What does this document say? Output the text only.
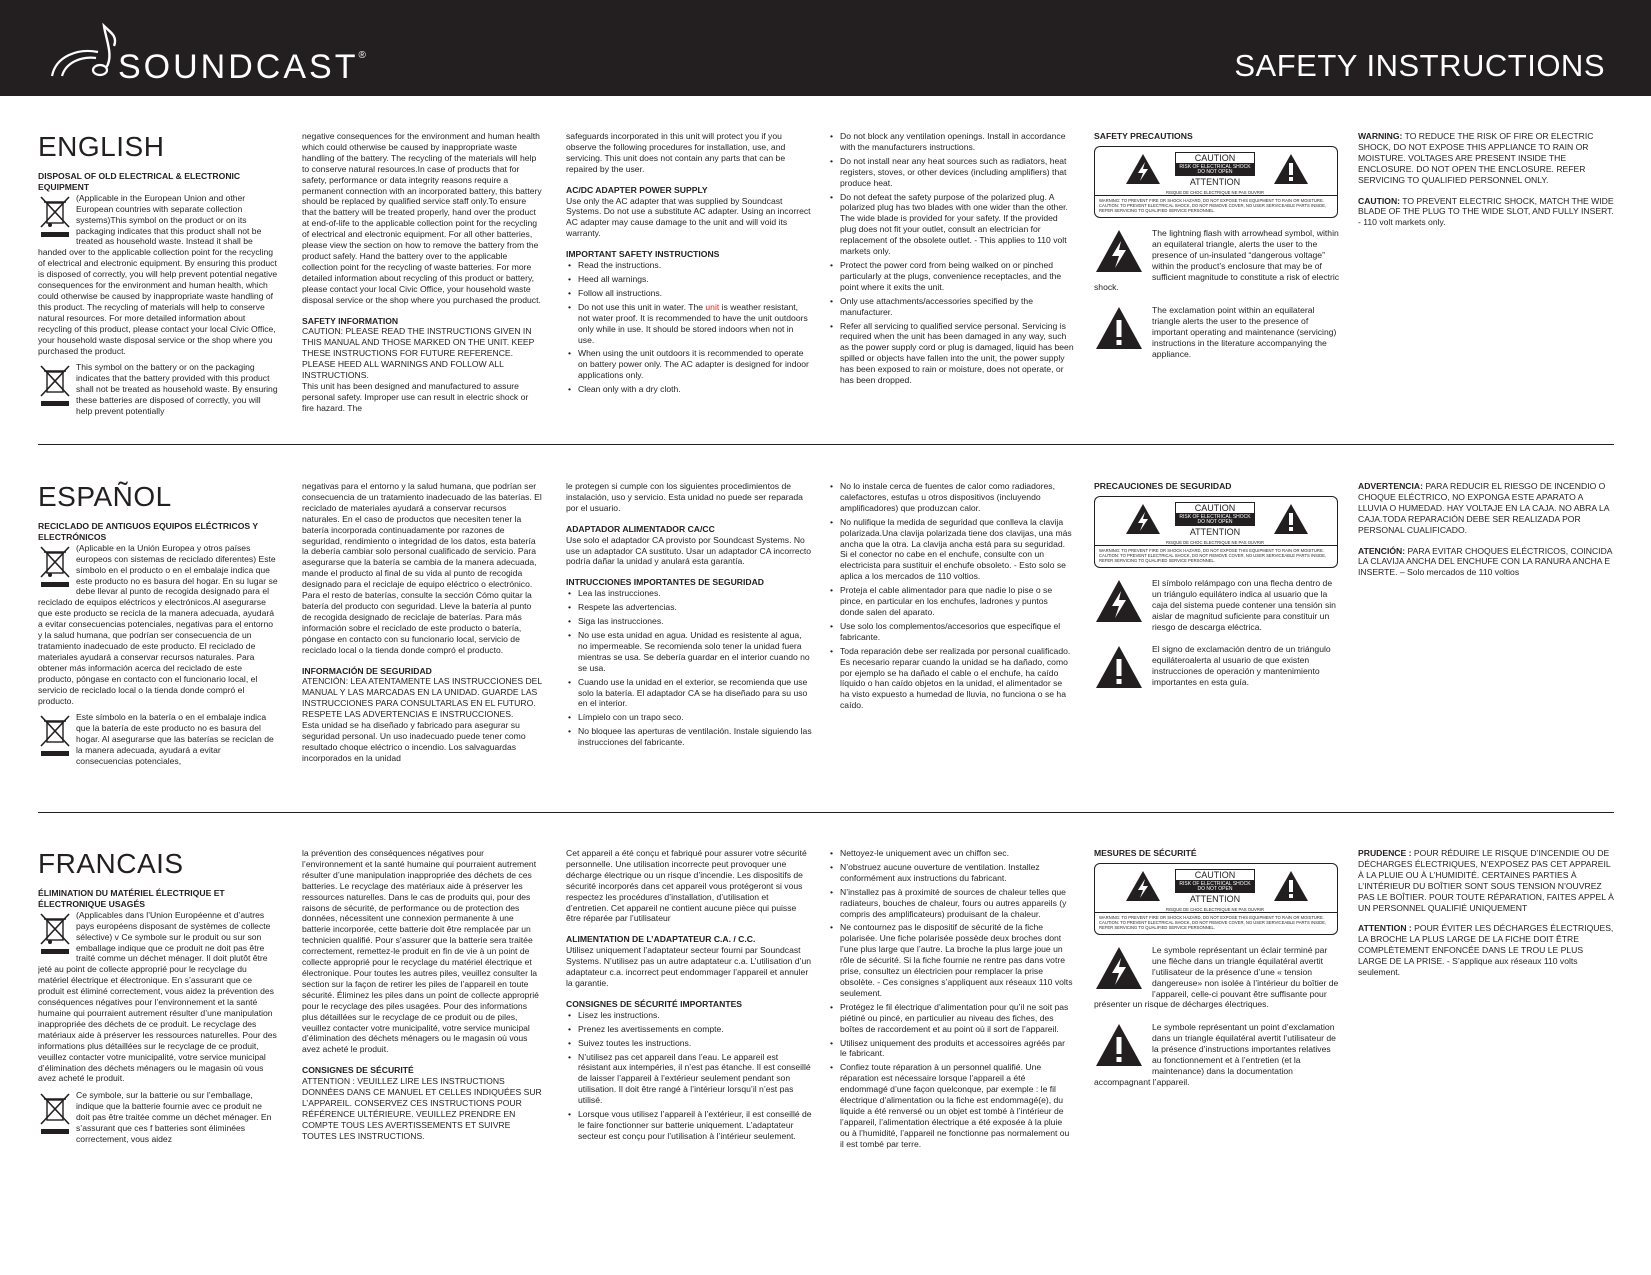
SOUNDCAST®	SAFETY INSTRUCTIONS
ENGLISH
DISPOSAL OF OLD ELECTRICAL & ELECTRONIC EQUIPMENT
(Applicable in the European Union and other European countries with separate collection systems)This symbol on the product or on its packaging indicates that this product shall not be treated as household waste. Instead it shall be handed over to the applicable collection point for the recycling of electrical and electronic equipment. By ensuring this product is disposed of correctly, you will help prevent potential negative consequences for the environment and human health, which could otherwise be caused by inappropriate waste handling of this product. The recycling of materials will help to conserve natural resources. For more detailed information about recycling of this product, please contact your local Civic Office, your household waste disposal service or the shop where you purchased the product.
This symbol on the battery or on the packaging indicates that the battery provided with this product shall not be treated as household waste. By ensuring these batteries are disposed of correctly, you will help prevent potentially
negative consequences for the environment and human health which could otherwise be caused by inappropriate waste handling of the battery. The recycling of the materials will help to conserve natural resources.In case of products that for safety, performance or data integrity reasons require a permanent connection with an incorporated battery, this battery should be replaced by qualified service staff only.To ensure that the battery will be treated properly, hand over the product at end-of-life to the applicable collection point for the recycling of electrical and electronic equipment. For all other batteries, please view the section on how to remove the battery from the product safely. Hand the battery over to the applicable collection point for the recycling of waste batteries. For more detailed information about recycling of this product or battery, please contact your local Civic Office, your household waste disposal service or the shop where you purchased the product.
SAFETY INFORMATION
CAUTION: PLEASE READ THE INSTRUCTIONS GIVEN IN THIS MANUAL AND THOSE MARKED ON THE UNIT. KEEP THESE INSTRUCTIONS FOR FUTURE REFERENCE. PLEASE HEED ALL WARNINGS AND FOLLOW ALL INSTRUCTIONS.
This unit has been designed and manufactured to assure personal safety. Improper use can result in electric shock or fire hazard. The
safeguards incorporated in this unit will protect you if you observe the following procedures for installation, use, and servicing. This unit does not contain any parts that can be repaired by the user.
AC/DC ADAPTER POWER SUPPLY
Use only the AC adapter that was supplied by Soundcast Systems. Do not use a substitute AC adapter. Using an incorrect AC adapter may cause damage to the unit and will void its warranty.
IMPORTANT SAFETY INSTRUCTIONS
• Read the instructions.
• Heed all warnings.
• Follow all instructions.
• Do not use this unit in water. The unit is weather resistant, not water proof. It is recommended to have the unit outdoors only while in use. It should be stored indoors when not in use.
• When using the unit outdoors it is recommended to operate on battery power only. The AC adapter is designed for indoor applications only.
• Clean only with a dry cloth.
• Do not block any ventilation openings. Install in accordance with the manufacturers instructions.
• Do not install near any heat sources such as radiators, heat registers, stoves, or other devices (including amplifiers) that produce heat.
• Do not defeat the safety purpose of the polarized plug. A polarized plug has two blades with one wider than the other. The wide blade is provided for your safety. If the provided plug does not fit your outlet, consult an electrician for replacement of the obsolete outlet. - This applies to 110 volt markets only.
• Protect the power cord from being walked on or pinched particularly at the plugs, convenience receptacles, and the point where it exits the unit.
• Only use attachments/accessories specified by the manufacturer.
• Refer all servicing to qualified service personal. Servicing is required when the unit has been damaged in any way, such as the power supply cord or plug is damaged, liquid has been spilled or objects have fallen into the unit, the power supply has been exposed to rain or moisture, does not operate, or has been dropped.
SAFETY PRECAUTIONS
CAUTION
RISK OF ELECTRICAL SHOCK DO NOT OPEN
ATTENTION
RISQUE DE CHOC ELECTRIQUE NE PAS OUVRIR
WARNING: TO PREVENT FIRE OR SHOCK HAZARD, DO NOT EXPOSE THIS EQUIPMENT TO RAIN OR MOISTURE.
CAUTION: TO PREVENT ELECTRICAL SHOCK, DO NOT REMOVE COVER, NO USER SERVICEABLE PARTS INSIDE, REFER SERVICING TO QUALIFIED SERVICE PERSONNEL.
The lightning flash with arrowhead symbol, within an equilateral triangle, alerts the user to the presence of un-insulated “dangerous voltage” within the product’s enclosure that may be of sufficient magnitude to constitute a risk of electric shock.
The exclamation point within an equilateral triangle alerts the user to the presence of important operating and maintenance (servicing) instructions in the literature accompanying the appliance.
WARNING: TO REDUCE THE RISK OF FIRE OR ELECTRIC SHOCK, DO NOT EXPOSE THIS APPLIANCE TO RAIN OR MOISTURE. VOLTAGES ARE PRESENT INSIDE THE ENCLOSURE. DO NOT OPEN THE ENCLOSURE. REFER SERVICING TO QUALIFIED PERSONNEL ONLY.
CAUTION: TO PREVENT ELECTRIC SHOCK, MATCH THE WIDE BLADE OF THE PLUG TO THE WIDE SLOT, AND FULLY INSERT. - 110 volt markets only.
ESPAÑOL
RECICLADO DE ANTIGUOS EQUIPOS ELÉCTRICOS Y ELECTRÓNICOS
(Aplicable en la Unión Europea y otros países europeos con sistemas de reciclado diferentes) Este símbolo en el producto o en el embalaje indica que este producto no es basura del hogar. En su lugar se debe llevar al punto de recogida designado para el reciclado de equipos eléctricos y electrónicos.Al asegurarse que este producto se recicla de la manera adecuada, ayudará a evitar consecuencias potenciales, negativas para el entorno y la salud humana, que podrían ser consecuencia de un tratamiento inadecuado de este producto. El reciclado de materiales ayudará a conservar recursos naturales. Para obtener más información acerca del reciclado de este producto, póngase en contacto con el funcionario local, el servicio de reciclado local o la tienda donde compró el producto.
Este símbolo en la batería o en el embalaje indica que la batería de este producto no es basura del hogar. Al asegurarse que las baterías se reciclan de la manera adecuada, ayudará a evitar consecuencias potenciales,
negativas para el entorno y la salud humana, que podrían ser consecuencia de un tratamiento inadecuado de las baterías. El reciclado de materiales ayudará a conservar recursos naturales. En el caso de productos que necesiten tener la batería incorporada continuadamente por razones de seguridad, rendimiento o integridad de los datos, esta batería la debería cambiar solo personal cualificado de servicio. Para asegurarse que la batería se cambia de la manera adecuada, mande el producto al final de su vida al punto de recogida designado para el reciclaje de equipo eléctrico o electrónico. Para el resto de baterías, consulte la sección Cómo quitar la batería del producto con seguridad. Lleve la batería al punto de recogida designado de reciclaje de baterías. Para más información sobre el reciclado de este producto o batería, póngase en contacto con su funcionario local, servicio de reciclado local o la tienda donde compró el producto.
INFORMACIÓN DE SEGURIDAD
ATENCIÓN: LEA ATENTAMENTE LAS INSTRUCCIONES DEL MANUAL Y LAS MARCADAS EN LA UNIDAD. GUARDE LAS INSTRUCCIONES PARA CONSULTARLAS EN EL FUTURO. RESPETE LAS ADVERTENCIAS E INSTRUCCIONES.
Esta unidad se ha diseñado y fabricado para asegurar su seguridad personal. Un uso inadecuado puede tener como resultado choque eléctrico o incendio. Los salvaguardas incorporados en la unidad
le protegen si cumple con los siguientes procedimientos de instalación, uso y servicio. Esta unidad no puede ser reparada por el usuario.
ADAPTADOR ALIMENTADOR CA/CC
Use solo el adaptador CA provisto por Soundcast Systems. No use un adaptador CA sustituto. Usar un adaptador CA incorrecto podría dañar la unidad y anulará esta garantía.
INTRUCCIONES IMPORTANTES DE SEGURIDAD
• Lea las instrucciones.
• Respete las advertencias.
• Siga las instrucciones.
• No use esta unidad en agua. Unidad es resistente al agua, no impermeable. Se recomienda solo tener la unidad fuera mientras se usa. Se debería guardar en el interior cuando no se usa.
• Cuando use la unidad en el exterior, se recomienda que use solo la batería. El adaptador CA se ha diseñado para su uso en el interior.
• Límpielo con un trapo seco.
• No bloquee las aperturas de ventilación. Instale siguiendo las instrucciones del fabricante.
• No lo instale cerca de fuentes de calor como radiadores, calefactores, estufas u otros dispositivos (incluyendo amplificadores) que produzcan calor.
• No nulifique la medida de seguridad que conlleva la clavija polarizada.Una clavija polarizada tiene dos clavijas, una más ancha que la otra. La clavija ancha está para su seguridad. Si el conector no cabe en el enchufe, consulte con un electricista para sustituir el enchufe obsoleto. - Esto solo se aplica a los mercados de 110 voltios.
• Proteja el cable alimentador para que nadie lo pise o se pince, en particular en los enchufes, ladrones y puntos donde salen del aparato.
• Use solo los complementos/accesorios que especifique el fabricante.
• Toda reparación debe ser realizada por personal cualificado. Es necesario reparar cuando la unidad se ha dañado, como por ejemplo se ha dañado el cable o el enchufe, ha caído líquido o han caído objetos en la unidad, el alimentador se ha visto expuesto a humedad de lluvia, no funciona o se ha caído.
PRECAUCIONES DE SEGURIDAD
CAUTION
RISK OF ELECTRICAL SHOCK DO NOT OPEN
ATTENTION
RISQUE DE CHOC ELECTRIQUE NE PAS OUVRIR
WARNING: TO PREVENT FIRE OR SHOCK HAZARD, DO NOT EXPOSE THIS EQUIPMENT TO RAIN OR MOISTURE.
CAUTION: TO PREVENT ELECTRICAL SHOCK, DO NOT REMOVE COVER, NO USER SERVICEABLE PARTS INSIDE, REFER SERVICING TO QUALIFIED SERVICE PERSONNEL.
El símbolo relámpago con una flecha dentro de un triángulo equilátero indica al usuario que la caja del sistema puede contener una tensión sin aislar de magnitud suficiente para constituir un riesgo de descarga eléctrica.
El signo de exclamación dentro de un triángulo equiláteroalerta al usuario de que existen instrucciones de operación y mantenimiento importantes en esta guía.
ADVERTENCIA: PARA REDUCIR EL RIESGO DE INCENDIO O CHOQUE ELÉCTRICO, NO EXPONGA ESTE APARATO A LLUVIA O HUMEDAD. HAY VOLTAJE EN LA CAJA. NO ABRA LA CAJA.TODA REPARACIÓN DEBE SER REALIZADA POR PERSONAL CUALIFICADO.
ATENCIÓN: PARA EVITAR CHOQUES ELÉCTRICOS, COINCIDA LA CLAVIJA ANCHA DEL ENCHUFE CON LA RANURA ANCHA E INSERTE. – Solo mercados de 110 voltios
FRANCAIS
ÉLIMINATION DU MATÉRIEL ÉLECTRIQUE ET ÉLECTRONIQUE USAGÉS
(Applicables dans l’Union Européenne et d’autres pays européens disposant de systèmes de collecte sélective) v Ce symbole sur le produit ou sur son emballage indique que ce produit ne doit pas être traité comme un déchet ménager. Il doit plutôt être jeté au point de collecte approprié pour le recyclage du matériel électrique et électronique. En s’assurant que ce produit est éliminé correctement, vous aidez la prévention des conséquences négatives pour l’environnement et la santé humaine qui pourraient autrement résulter d’une manipulation inappropriée des déchets de ce produit. Le recyclage des matériaux aide à préserver les ressources naturelles. Pour des informations plus détaillées sur le recyclage de ce produit, veuillez contacter votre municipalité, votre service municipal d’élimination des déchets ménagers ou le magasin où vous avez acheté le produit.
Ce symbole, sur la batterie ou sur l’emballage, indique que la batterie fournie avec ce produit ne doit pas être traitée comme un déchet ménager. En s’assurant que ces f batteries sont éliminées correctement, vous aidez
la prévention des conséquences négatives pour l’environnement et la santé humaine qui pourraient autrement résulter d’une manipulation inappropriée des déchets de ces batteries. Le recyclage des matériaux aide à préserver les ressources naturelles. Dans le cas de produits qui, pour des raisons de sécurité, de performance ou de protection des données, nécessitent une connexion permanente à une batterie incorporée, cette batterie doit être remplacée par un technicien qualifié. Pour s’assurer que la batterie sera traitée correctement, remettez-le produit en fin de vie à un point de collecte approprié pour le recyclage du matériel électrique et électronique. Pour toutes les autres piles, veuillez consulter la section sur la façon de retirer les piles de l’appareil en toute sécurité. Éliminez les piles dans un point de collecte approprié pour le recyclage des piles usagées. Pour des informations plus détaillées sur le recyclage de ce produit ou de piles, veuillez contacter votre municipalité, votre service municipal d’élimination des déchets ménagers ou le magasin où vous avez acheté le produit.
CONSIGNES DE SÉCURITÉ
ATTENTION : VEUILLEZ LIRE LES INSTRUCTIONS DONNÉES DANS CE MANUEL ET CELLES INDIQUÉES SUR L’APPAREIL. CONSERVEZ CES INSTRUCTIONS POUR RÉFÉRENCE ULTÉRIEURE. VEUILLEZ PRENDRE EN COMPTE TOUS LES AVERTISSEMENTS ET SUIVRE TOUTES LES INSTRUCTIONS.
Cet appareil a été conçu et fabriqué pour assurer votre sécurité personnelle. Une utilisation incorrecte peut provoquer une décharge électrique ou un risque d’incendie. Les dispositifs de sécurité incorporés dans cet appareil vous protégeront si vous respectez les procédures d’installation, d’utilisation et d’entretien. Cet appareil ne contient aucune pièce qui puisse être réparée par l’utilisateur
ALIMENTATION DE L’ADAPTATEUR C.A. / C.C.
Utilisez uniquement l’adaptateur secteur fourni par Soundcast Systems. N’utilisez pas un autre adaptateur c.a. L’utilisation d’un adaptateur c.a. incorrect peut endommager l’appareil et annuler la garantie.
CONSIGNES DE SÉCURITÉ IMPORTANTES
• Lisez les instructions.
• Prenez les avertissements en compte.
• Suivez toutes les instructions.
• N’utilisez pas cet appareil dans l’eau. Le appareil est résistant aux intempéries, il n’est pas étanche. Il est conseillé de laisser l’appareil à l’extérieur seulement pendant son utilisation. Il doit être rangé à l’intérieur lorsqu’il n’est pas utilisé.
• Lorsque vous utilisez l’appareil à l’extérieur, il est conseillé de le faire fonctionner sur batterie uniquement. L’adaptateur secteur est conçu pour l’utilisation à l’intérieur seulement.
• Nettoyez-le uniquement avec un chiffon sec.
• N’obstruez aucune ouverture de ventilation. Installez conformément aux instructions du fabricant.
• N’installez pas à proximité de sources de chaleur telles que radiateurs, bouches de chaleur, fours ou autres appareils (y compris des amplificateurs) produisant de la chaleur.
• Ne contournez pas le dispositif de sécurité de la fiche polarisée. Une fiche polarisée possède deux broches dont l’une plus large que l’autre. La broche la plus large joue un rôle de sécurité. Si la fiche fournie ne rentre pas dans votre prise, consultez un électricien pour remplacer la prise obsolète. - Ces consignes s’appliquent aux réseaux 110 volts seulement.
• Protégez le fil électrique d’alimentation pour qu’il ne soit pas piétiné ou pincé, en particulier au niveau des fiches, des boîtes de raccordement et au point où il sort de l’appareil.
• Utilisez uniquement des produits et accessoires agréés par le fabricant.
• Confiez toute réparation à un personnel qualifié. Une réparation est nécessaire lorsque l’appareil a été endommagé d’une façon quelconque, par exemple : le fil électrique d’alimentation ou la fiche est endommagé(e), du liquide a été renversé ou un objet est tombé à l’intérieur de l’appareil, l’alimentation électrique a été exposée à la pluie ou à l’humidité, l’appareil ne fonctionne pas normalement ou il est tombé par terre.
MESURES DE SÉCURITÉ
CAUTION
RISK OF ELECTRICAL SHOCK DO NOT OPEN
ATTENTION
RISQUE DE CHOC ELECTRIQUE NE PAS OUVRIR
WARNING: TO PREVENT FIRE OR SHOCK HAZARD, DO NOT EXPOSE THIS EQUIPMENT TO RAIN OR MOISTURE.
CAUTION: TO PREVENT ELECTRICAL SHOCK, DO NOT REMOVE COVER, NO USER SERVICEABLE PARTS INSIDE, REFER SERVICING TO QUALIFIED SERVICE PERSONNEL.
Le symbole représentant un éclair terminé par une flèche dans un triangle équilatéral avertit l’utilisateur de la présence d’une « tension dangereuse» non isolée à l’intérieur du boîtier de l’appareil, celle-ci pouvant être suffisante pour présenter un risque de décharges électriques.
Le symbole représentant un point d’exclamation dans un triangle équilatéral avertit l’utilisateur de la présence d’instructions importantes relatives au fonctionnement et à l’entretien (et la maintenance) dans la documentation accompagnant l’appareil.
PRUDENCE : POUR RÉDUIRE LE RISQUE D’INCENDIE OU DE DÉCHARGES ÉLECTRIQUES, N’EXPOSEZ PAS CET APPAREIL À LA PLUIE OU À L’HUMIDITÉ. CERTAINES PARTIES À L’INTÉRIEUR DU BOÎTIER SONT SOUS TENSION N’OUVREZ PAS LE BOÎTIER. POUR TOUTE RÉPARATION, FAITES APPEL À UN PERSONNEL QUALIFIÉ UNIQUEMENT
ATTENTION : POUR ÉVITER LES DÉCHARGES ÉLECTRIQUES, LA BROCHE LA PLUS LARGE DE LA FICHE DOIT ÊTRE COMPLÈTEMENT ENFONCÉE DANS LE TROU LE PLUS LARGE DE LA PRISE. - S’applique aux réseaux 110 volts seulement.
